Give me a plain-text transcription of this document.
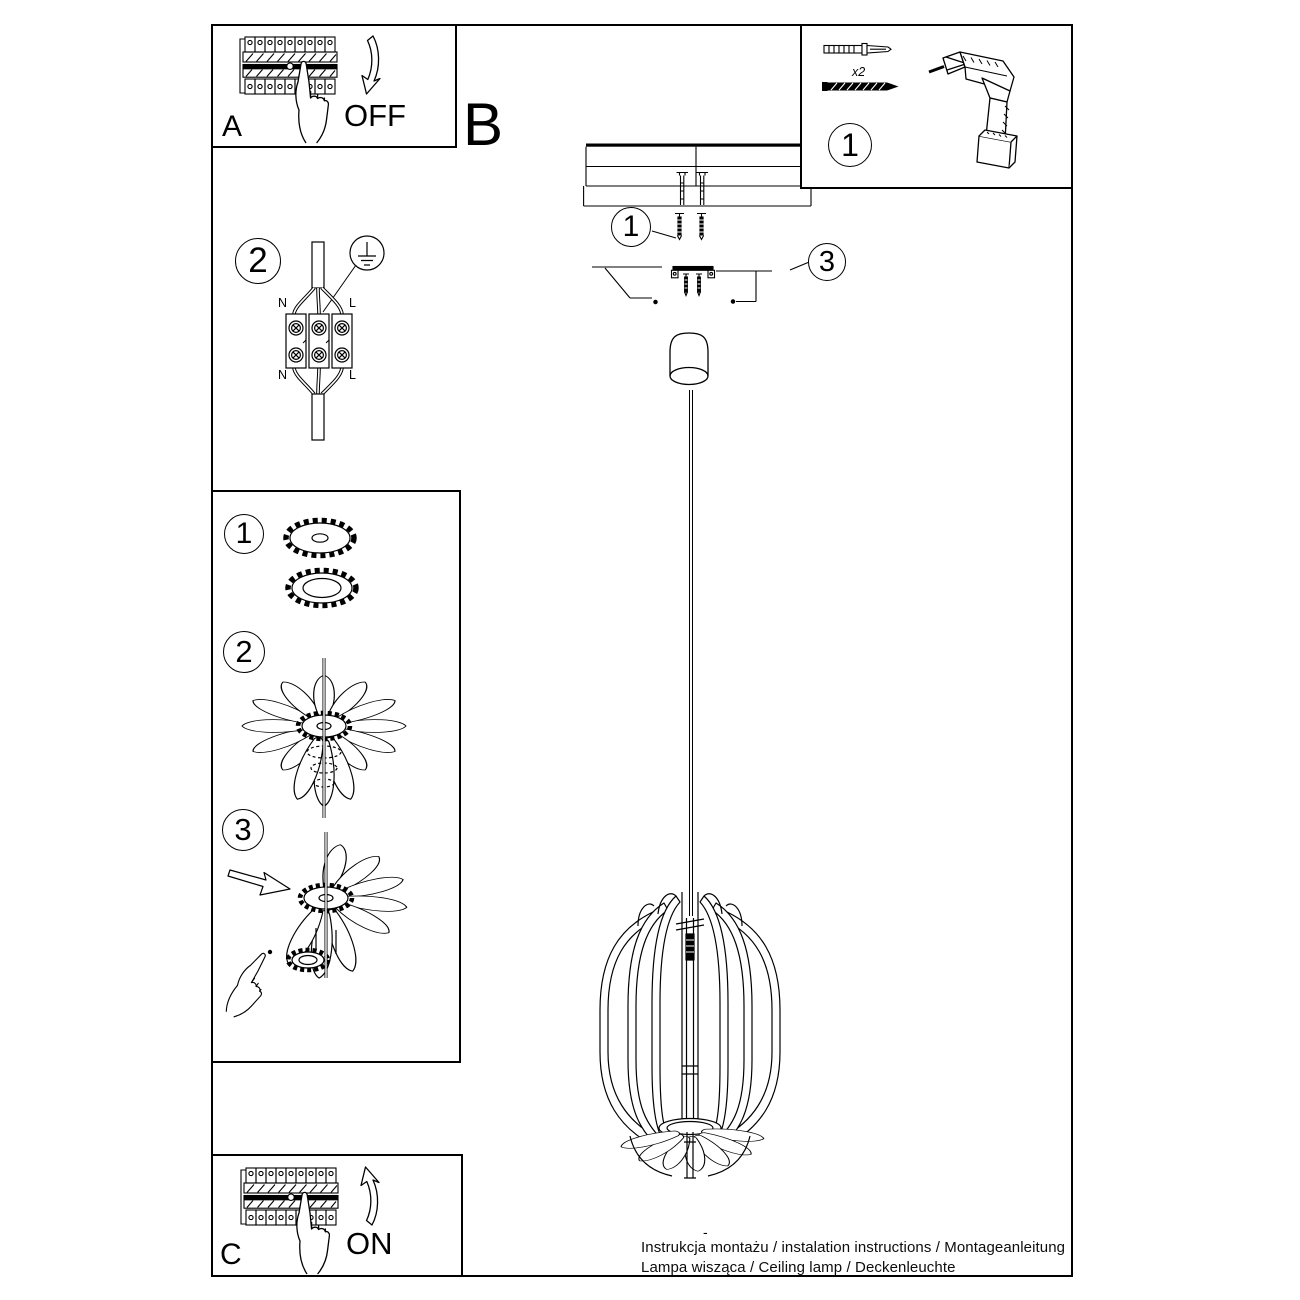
OFF
A	B
x2
1
1
3
2
N	L
N	L
1
2
3
ON
C
-
Instrukcja montażu / instalation instructions / Montageanleitung
Lampa wisząca / Ceiling lamp / Deckenleuchte
